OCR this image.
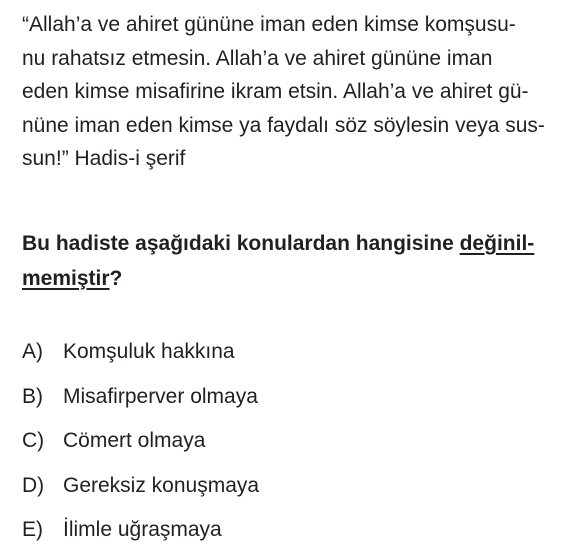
“Allah’a ve ahiret gününe iman eden kimse komşusu-
nu rahatsız etmesin. Allah’a ve ahiret gününe iman
eden kimse misafirine ikram etsin. Allah’a ve ahiret gü-
nüne iman eden kimse ya faydalı söz söylesin veya sus-
sun!” Hadis-i şerif
Bu hadiste aşağıdaki konulardan hangisine değinil-
memiştir?
A) Komşuluk hakkına
B) Misafirperver olmaya
C) Cömert olmaya
D) Gereksiz konuşmaya
E) İlimle uğraşmaya
